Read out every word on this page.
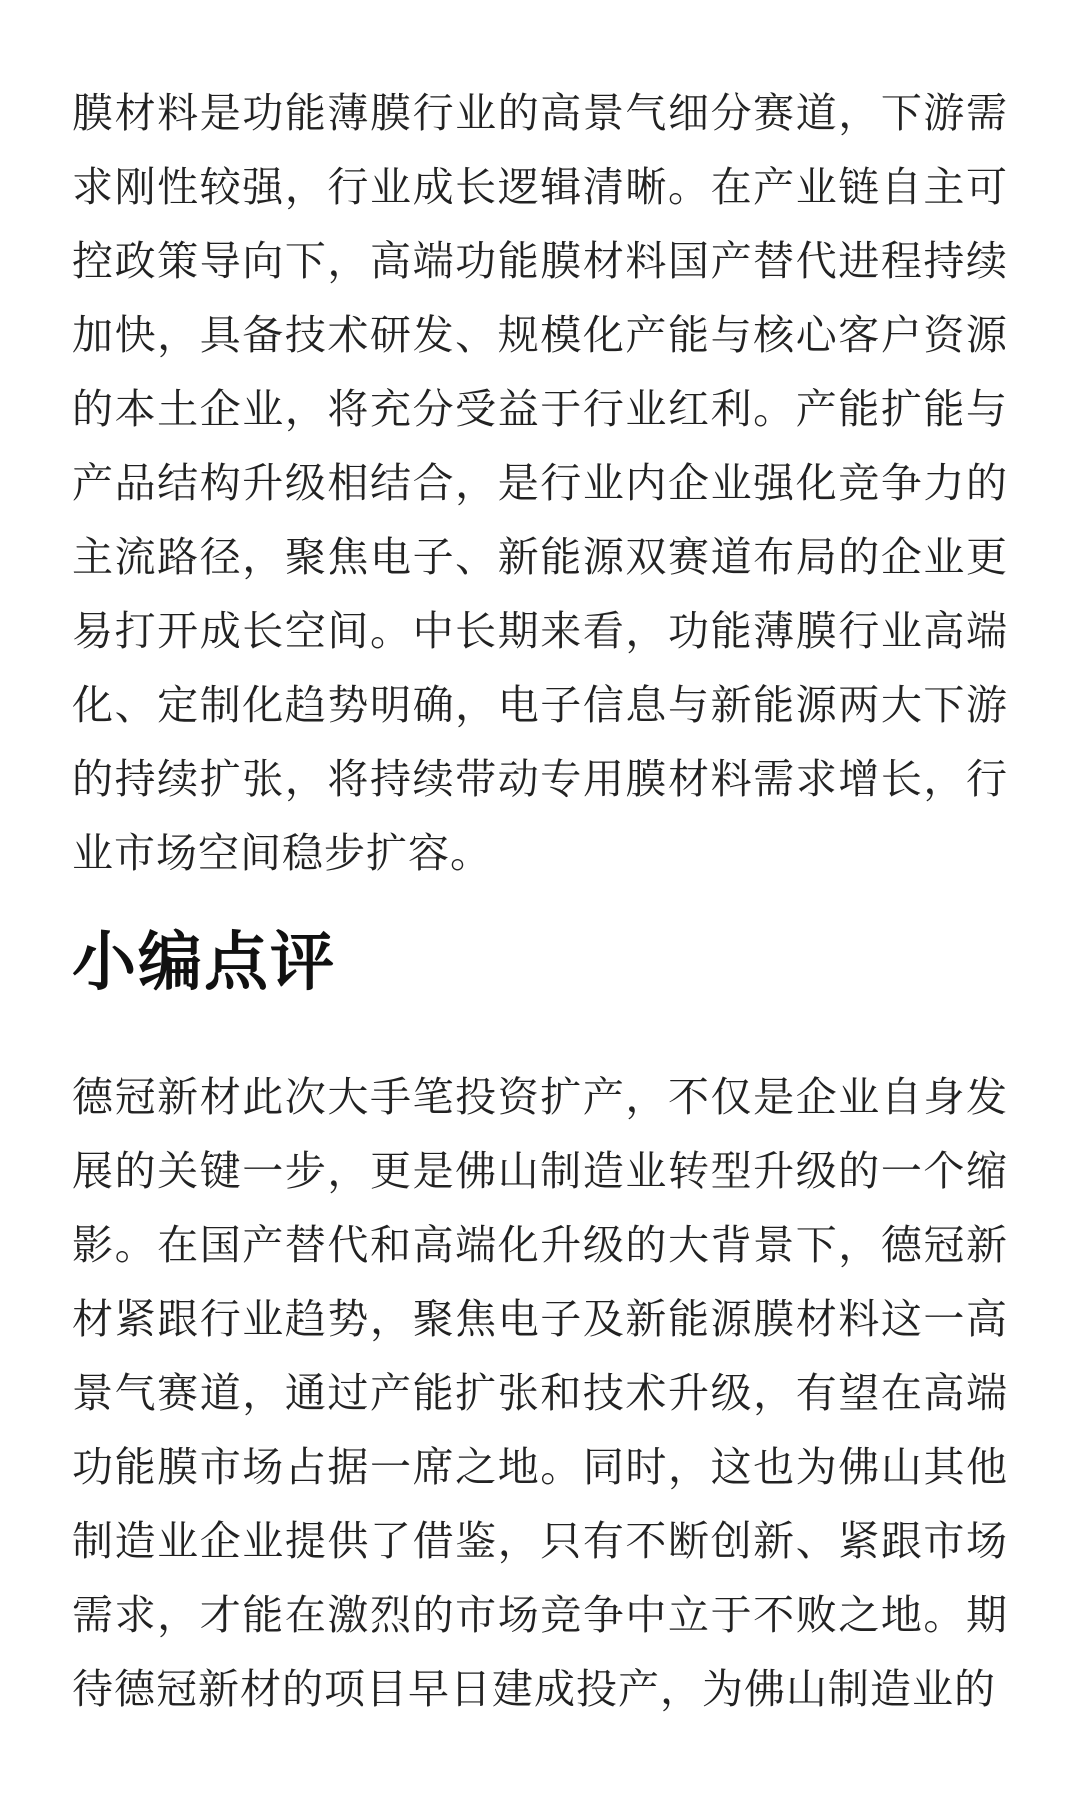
膜材料是功能薄膜行业的高景气细分赛道，下游需求刚性较强，行业成长逻辑清晰。在产业链自主可控政策导向下，高端功能膜材料国产替代进程持续加快，具备技术研发、规模化产能与核心客户资源的本土企业，将充分受益于行业红利。产能扩能与产品结构升级相结合，是行业内企业强化竞争力的主流路径，聚焦电子、新能源双赛道布局的企业更易打开成长空间。中长期来看，功能薄膜行业高端化、定制化趋势明确，电子信息与新能源两大下游的持续扩张，将持续带动专用膜材料需求增长，行业市场空间稳步扩容。

小编点评

德冠新材此次大手笔投资扩产，不仅是企业自身发展的关键一步，更是佛山制造业转型升级的一个缩影。在国产替代和高端化升级的大背景下，德冠新材紧跟行业趋势，聚焦电子及新能源膜材料这一高景气赛道，通过产能扩张和技术升级，有望在高端功能膜市场占据一席之地。同时，这也为佛山其他制造业企业提供了借鉴，只有不断创新、紧跟市场需求，才能在激烈的市场竞争中立于不败之地。期待德冠新材的项目早日建成投产，为佛山制造业的
